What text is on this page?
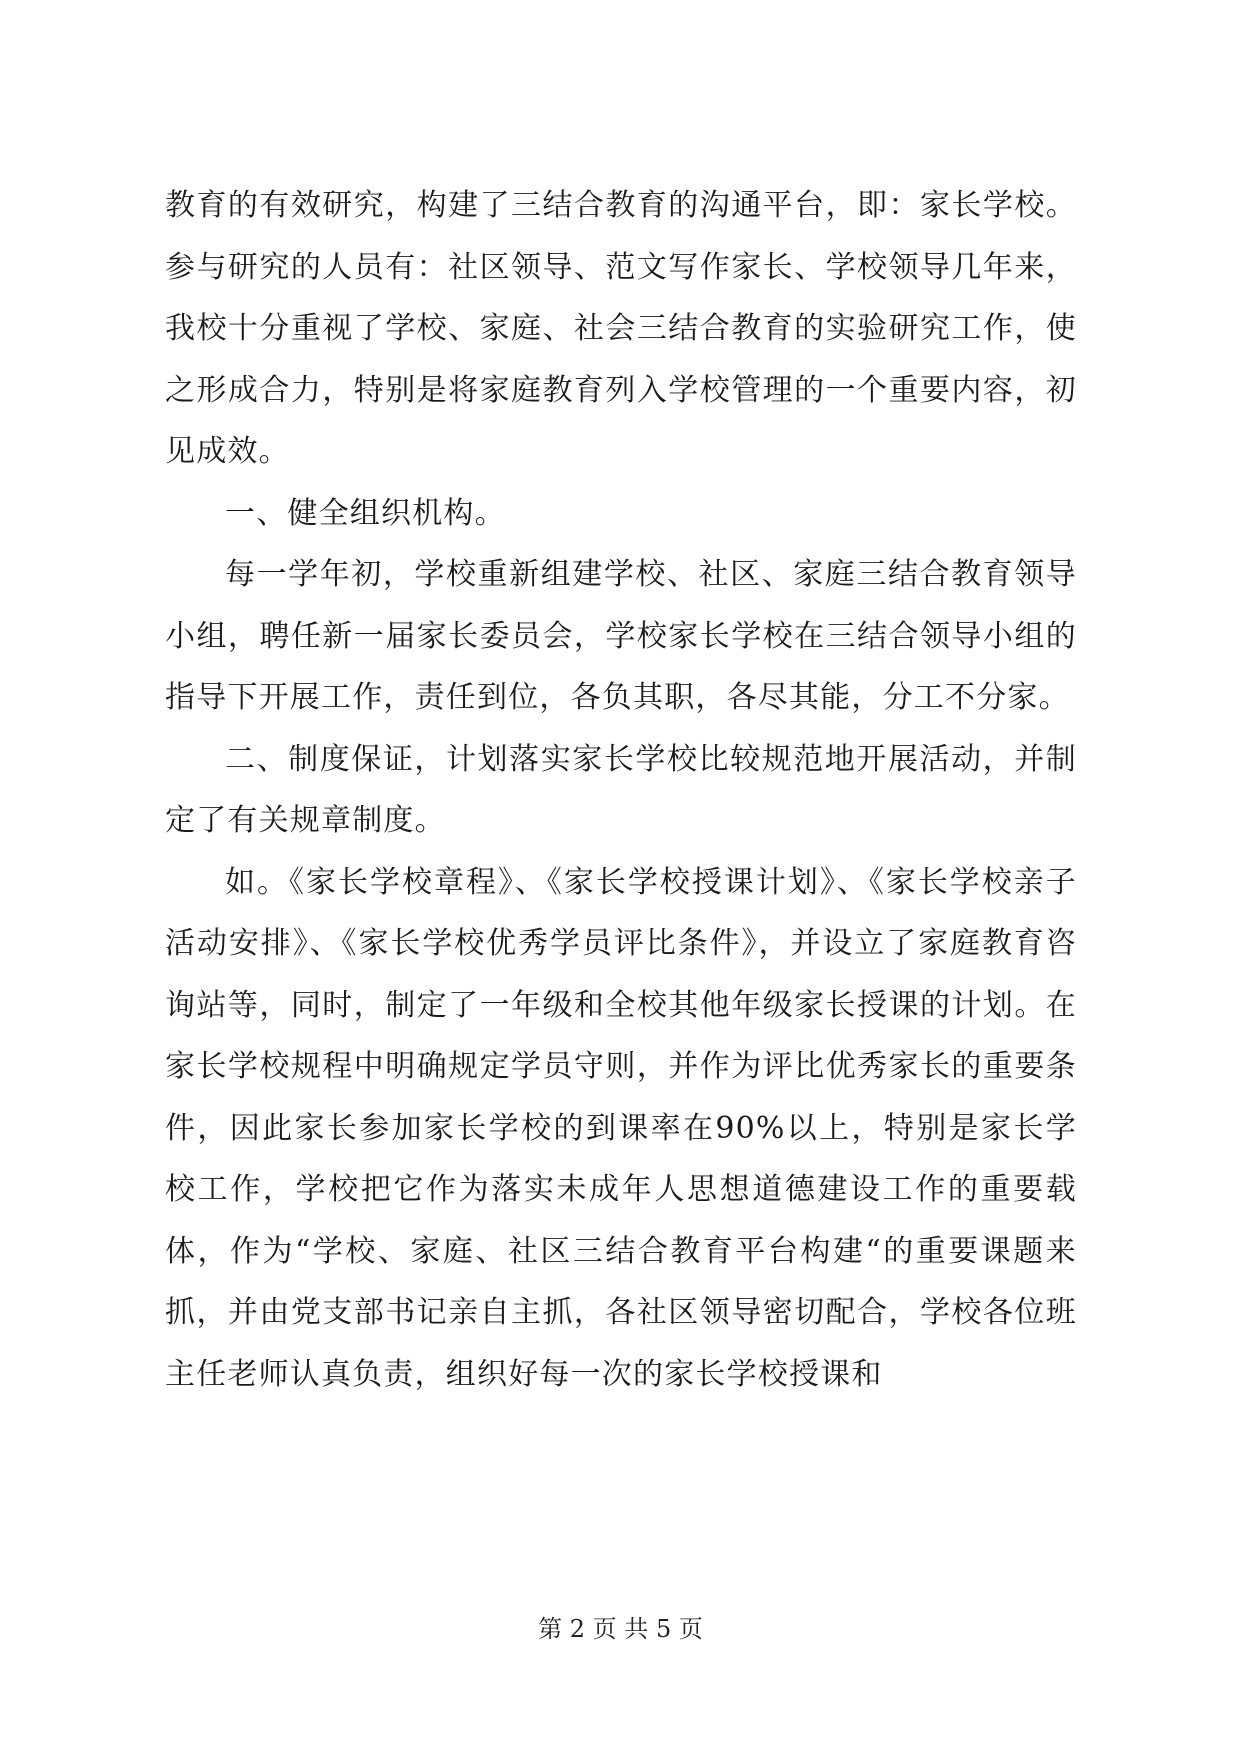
教育的有效研究，构建了三结合教育的沟通平台，即：家长学校。参与研究的人员有：社区领导、范文写作家长、学校领导几年来，我校十分重视了学校、家庭、社会三结合教育的实验研究工作，使之形成合力，特别是将家庭教育列入学校管理的一个重要内容，初见成效。

一、健全组织机构。

每一学年初，学校重新组建学校、社区、家庭三结合教育领导小组，聘任新一届家长委员会，学校家长学校在三结合领导小组的指导下开展工作，责任到位，各负其职，各尽其能，分工不分家。

二、制度保证，计划落实家长学校比较规范地开展活动，并制定了有关规章制度。

如。《家长学校章程》、《家长学校授课计划》、《家长学校亲子活动安排》、《家长学校优秀学员评比条件》，并设立了家庭教育咨询站等，同时，制定了一年级和全校其他年级家长授课的计划。在家长学校规程中明确规定学员守则，并作为评比优秀家长的重要条件，因此家长参加家长学校的到课率在90%以上，特别是家长学校工作，学校把它作为落实未成年人思想道德建设工作的重要载体，作为“学校、家庭、社区三结合教育平台构建“的重要课题来抓，并由党支部书记亲自主抓，各社区领导密切配合，学校各位班主任老师认真负责，组织好每一次的家长学校授课和

第 2 页 共 5 页
